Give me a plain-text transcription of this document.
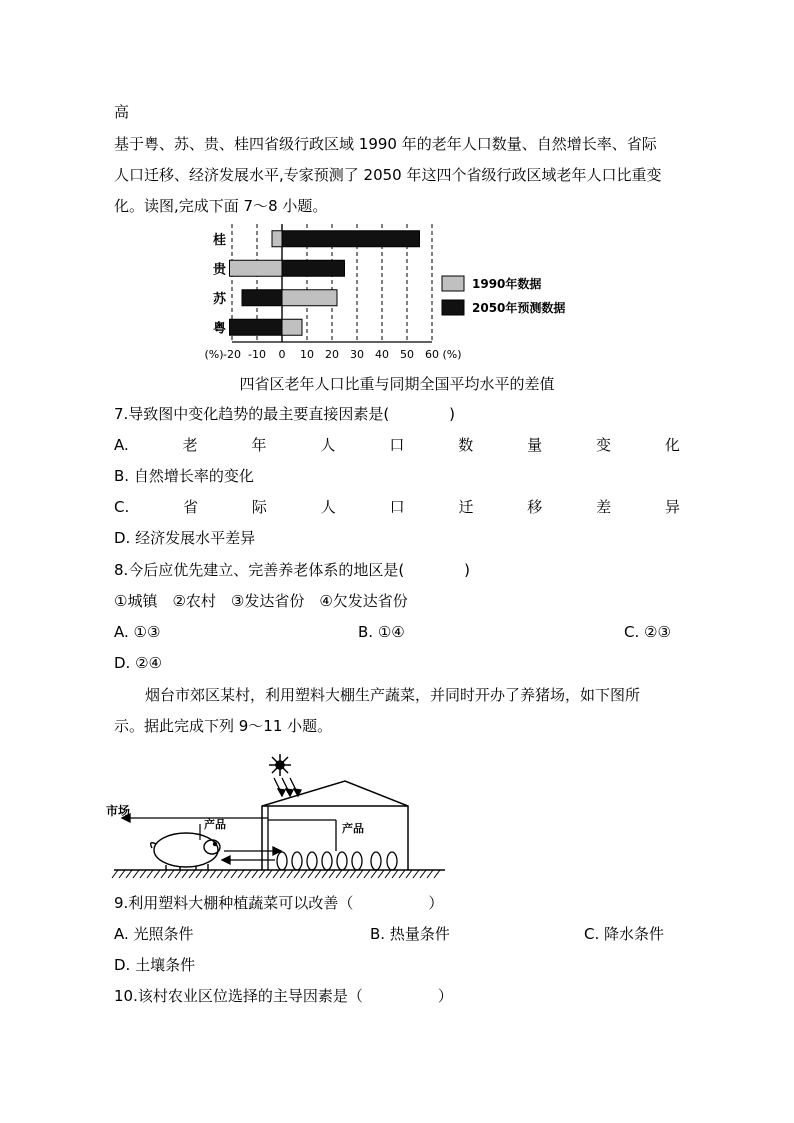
高
基于粤、苏、贵、桂四省级行政区域 1990 年的老年人口数量、自然增长率、省际
人口迁移、经济发展水平,专家预测了 2050 年这四个省级行政区域老年人口比重变
化。读图,完成下面 7～8 小题。
桂
贵
苏
粤
(%) -20 -10 0 10 20 30 40 50 60 (%)
1990年数据
2050年预测数据
四省区老年人口比重与同期全国平均水平的差值
7.导致图中变化趋势的最主要直接因素是(　　　　)
A.	老	年	人	口	数	量	变	化
B. 自然增长率的变化
C.	省	际	人	口	迁	移	差	异
D. 经济发展水平差异
8.今后应优先建立、完善养老体系的地区是(　　　　)
①城镇　②农村　③发达省份　④欠发达省份
A. ①③	B. ①④	C. ②③
D. ②④
烟台市郊区某村，利用塑料大棚生产蔬菜，并同时开办了养猪场，如下图所
示。据此完成下列 9～11 小题。
市场
产品	产品
9.利用塑料大棚种植蔬菜可以改善（　　　　　）
A. 光照条件	B. 热量条件	C. 降水条件
D. 土壤条件
10.该村农业区位选择的主导因素是（　　　　　）
